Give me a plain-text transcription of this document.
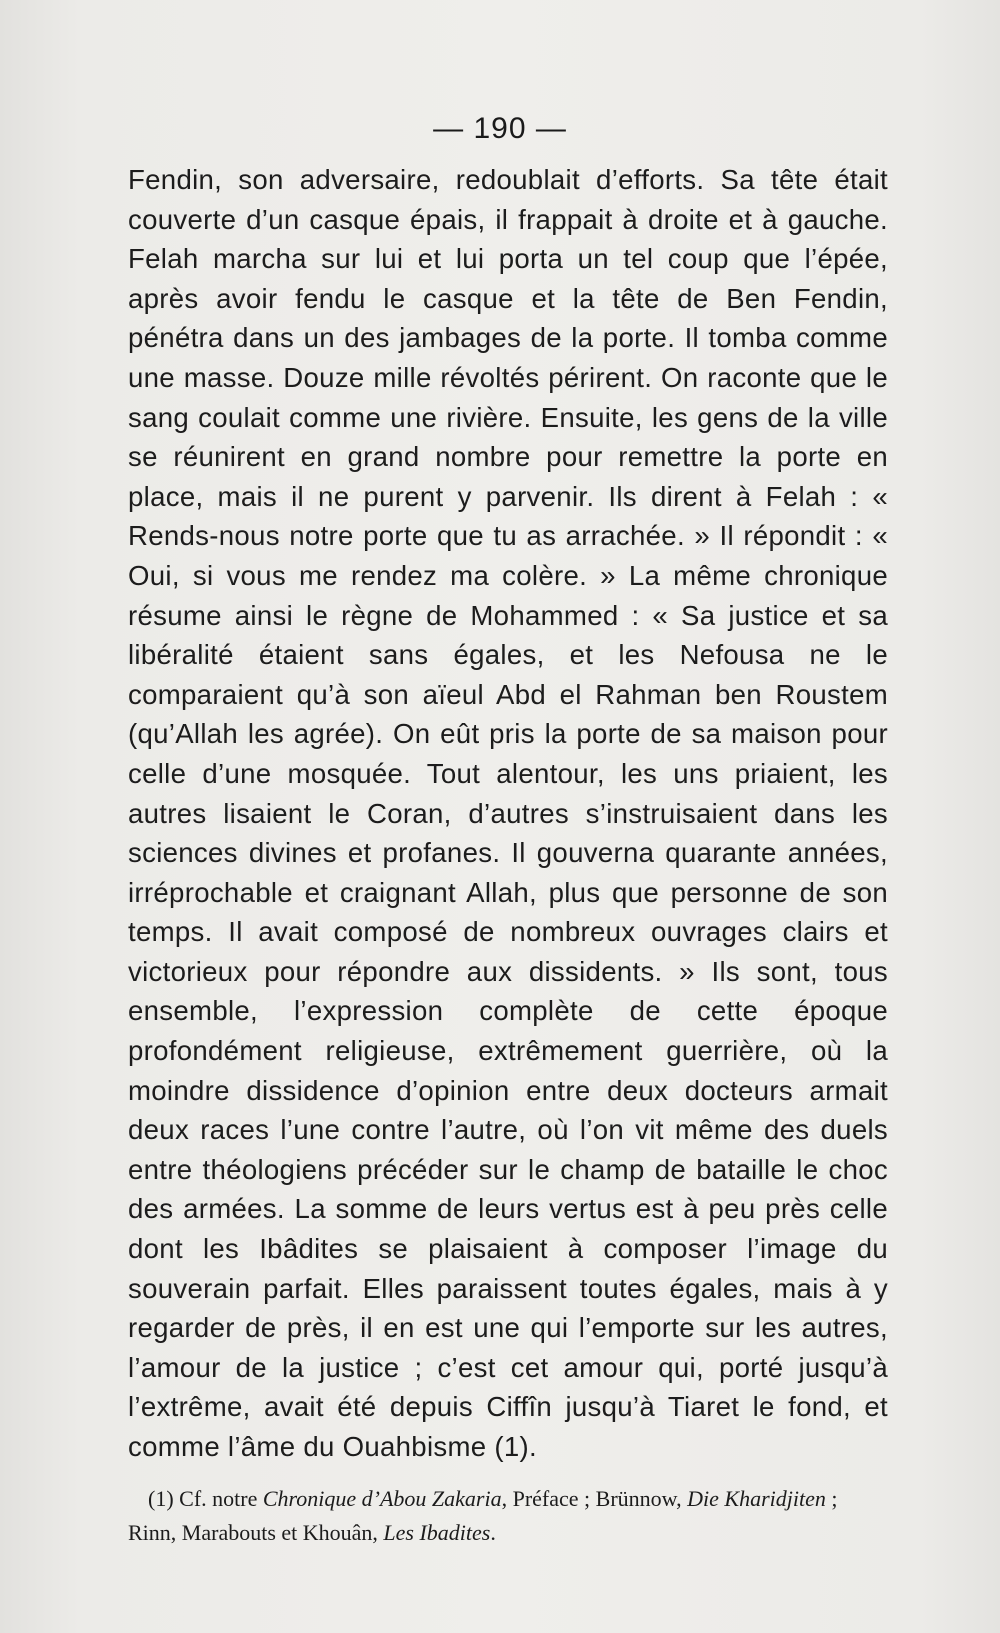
— 190 —

Fendin, son adversaire, redoublait d’efforts. Sa tête était couverte d’un casque épais, il frappait à droite et à gauche. Felah marcha sur lui et lui porta un tel coup que l’épée, après avoir fendu le casque et la tête de Ben Fendin, pénétra dans un des jambages de la porte. Il tomba comme une masse. Douze mille révoltés périrent. On raconte que le sang coulait comme une rivière. Ensuite, les gens de la ville se réunirent en grand nombre pour remettre la porte en place, mais il ne purent y parvenir. Ils dirent à Felah : « Rends-nous notre porte que tu as arrachée. » Il répondit : « Oui, si vous me rendez ma colère. » La même chronique résume ainsi le règne de Mohammed : « Sa justice et sa libéralité étaient sans égales, et les Nefousa ne le comparaient qu’à son aïeul Abd el Rahman ben Roustem (qu’Allah les agrée). On eût pris la porte de sa maison pour celle d’une mosquée. Tout alentour, les uns priaient, les autres lisaient le Coran, d’autres s’instruisaient dans les sciences divines et profanes. Il gouverna quarante années, irréprochable et craignant Allah, plus que personne de son temps. Il avait composé de nombreux ouvrages clairs et victorieux pour répondre aux dissidents. » Ils sont, tous ensemble, l’expression complète de cette époque profondément religieuse, extrêmement guerrière, où la moindre dissidence d’opinion entre deux docteurs armait deux races l’une contre l’autre, où l’on vit même des duels entre théologiens précéder sur le champ de bataille le choc des armées. La somme de leurs vertus est à peu près celle dont les Ibâdites se plaisaient à composer l’image du souverain parfait. Elles paraissent toutes égales, mais à y regarder de près, il en est une qui l’emporte sur les autres, l’amour de la justice ; c’est cet amour qui, porté jusqu’à l’extrême, avait été depuis Ciffîn jusqu’à Tiaret le fond, et comme l’âme du Ouahbisme (1).

(1) Cf. notre Chronique d’Abou Zakaria, Préface ; Brünnow, Die Kharidjiten ; Rinn, Marabouts et Khouân, Les Ibadites.
